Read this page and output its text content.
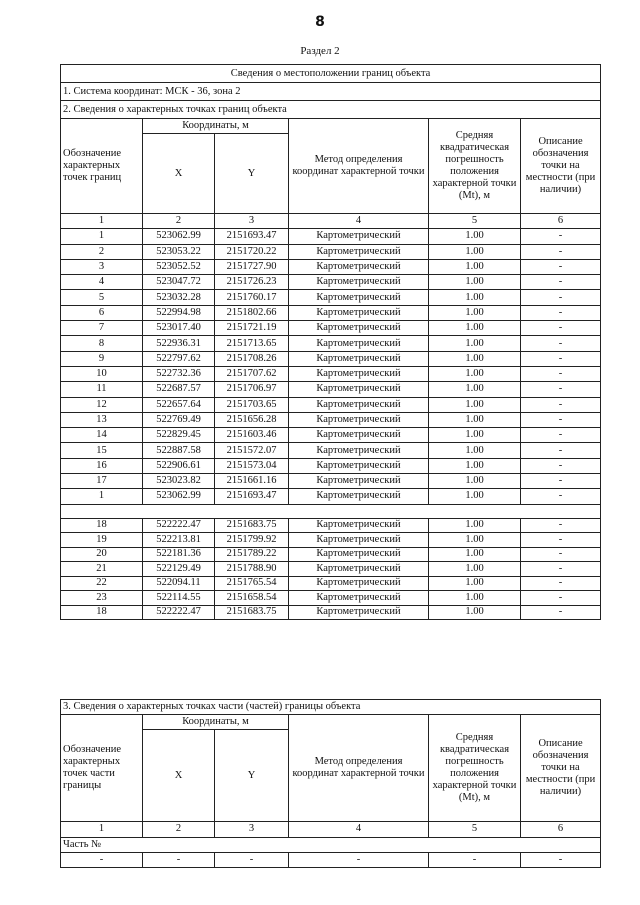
8
Раздел 2
Сведения о местоположении границ объекта					
1. Система координат: МСК - 36, зона 2					
2. Сведения о характерных точках границ объекта					
Обозначение характерных точек границ	Координаты, м		Метод определения координат характерной точки	Средняя квадратическая погрешность положения характерной точки (Mt), м	Описание обозначения точки на местности (при наличии)
	X	Y			
1	2	3	4	5	6
1	523062.99	2151693.47	Картометрический	1.00	-
2	523053.22	2151720.22	Картометрический	1.00	-
3	523052.52	2151727.90	Картометрический	1.00	-
4	523047.72	2151726.23	Картометрический	1.00	-
5	523032.28	2151760.17	Картометрический	1.00	-
6	522994.98	2151802.66	Картометрический	1.00	-
7	523017.40	2151721.19	Картометрический	1.00	-
8	522936.31	2151713.65	Картометрический	1.00	-
9	522797.62	2151708.26	Картометрический	1.00	-
10	522732.36	2151707.62	Картометрический	1.00	-
11	522687.57	2151706.97	Картометрический	1.00	-
12	522657.64	2151703.65	Картометрический	1.00	-
13	522769.49	2151656.28	Картометрический	1.00	-
14	522829.45	2151603.46	Картометрический	1.00	-
15	522887.58	2151572.07	Картометрический	1.00	-
16	522906.61	2151573.04	Картометрический	1.00	-
17	523023.82	2151661.16	Картометрический	1.00	-
1	523062.99	2151693.47	Картометрический	1.00	-

18	522222.47	2151683.75	Картометрический	1.00	-
19	522213.81	2151799.92	Картометрический	1.00	-
20	522181.36	2151789.22	Картометрический	1.00	-
21	522129.49	2151788.90	Картометрический	1.00	-
22	522094.11	2151765.54	Картометрический	1.00	-
23	522114.55	2151658.54	Картометрический	1.00	-
18	522222.47	2151683.75	Картометрический	1.00	-
3. Сведения о характерных точках части (частей) границы объекта					
Обозначение характерных точек части границы	Координаты, м		Метод определения координат характерной точки	Средняя квадратическая погрешность положения характерной точки (Mt), м	Описание обозначения точки на местности (при наличии)
	X	Y			
1	2	3	4	5	6
Часть №					
-	-	-	-	-	-
